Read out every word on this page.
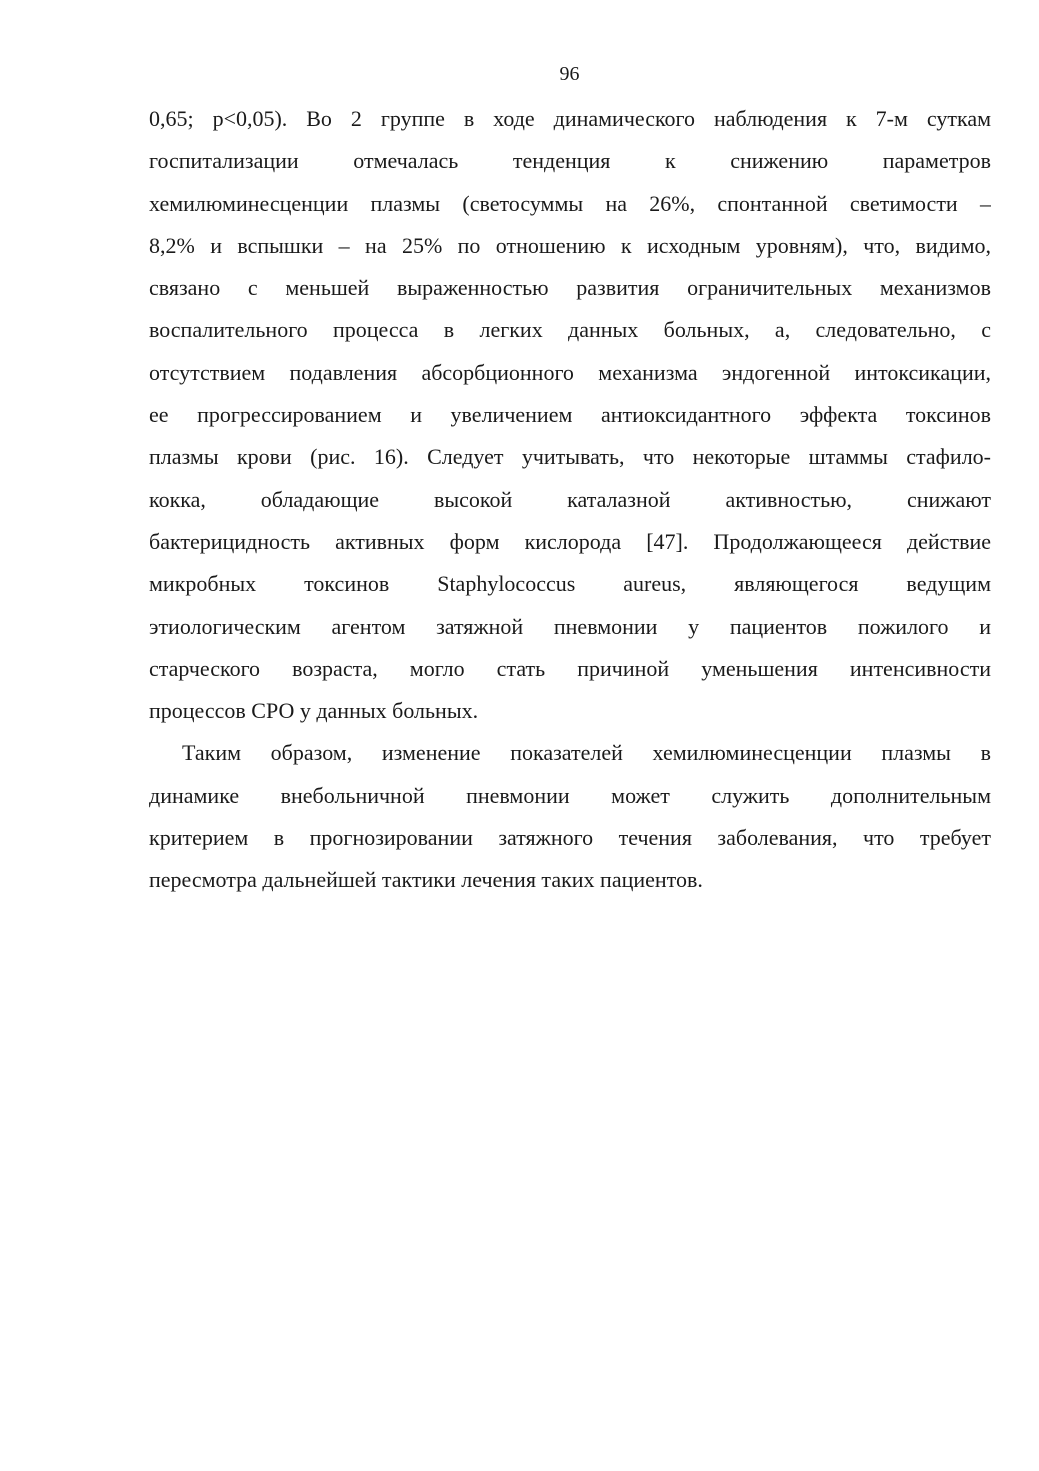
96
0,65; р<0,05). Во 2 группе в ходе динамического наблюдения к 7-м суткам
госпитализации отмечалась тенденция к снижению параметров
хемилюминесценции плазмы (светосуммы на 26%, спонтанной светимости –
8,2% и вспышки – на 25% по отношению к исходным уровням), что, видимо,
связано с меньшей выраженностью развития ограничительных механизмов
воспалительного процесса в легких данных больных, а, следовательно, с
отсутствием подавления абсорбционного механизма эндогенной интоксикации,
ее прогрессированием и увеличением антиоксидантного эффекта токсинов
плазмы крови (рис. 16). Следует учитывать, что некоторые штаммы стафило-
кокка, обладающие высокой каталазной активностью, снижают
бактерицидность активных форм кислорода [47]. Продолжающееся действие
микробных токсинов Staphylococcus aureus, являющегося ведущим
этиологическим агентом затяжной пневмонии у пациентов пожилого и
старческого возраста, могло стать причиной уменьшения интенсивности
процессов СРО у данных больных.
Таким образом, изменение показателей хемилюминесценции плазмы в
динамике внебольничной пневмонии может служить дополнительным
критерием в прогнозировании затяжного течения заболевания, что требует
пересмотра дальнейшей тактики лечения таких пациентов.
